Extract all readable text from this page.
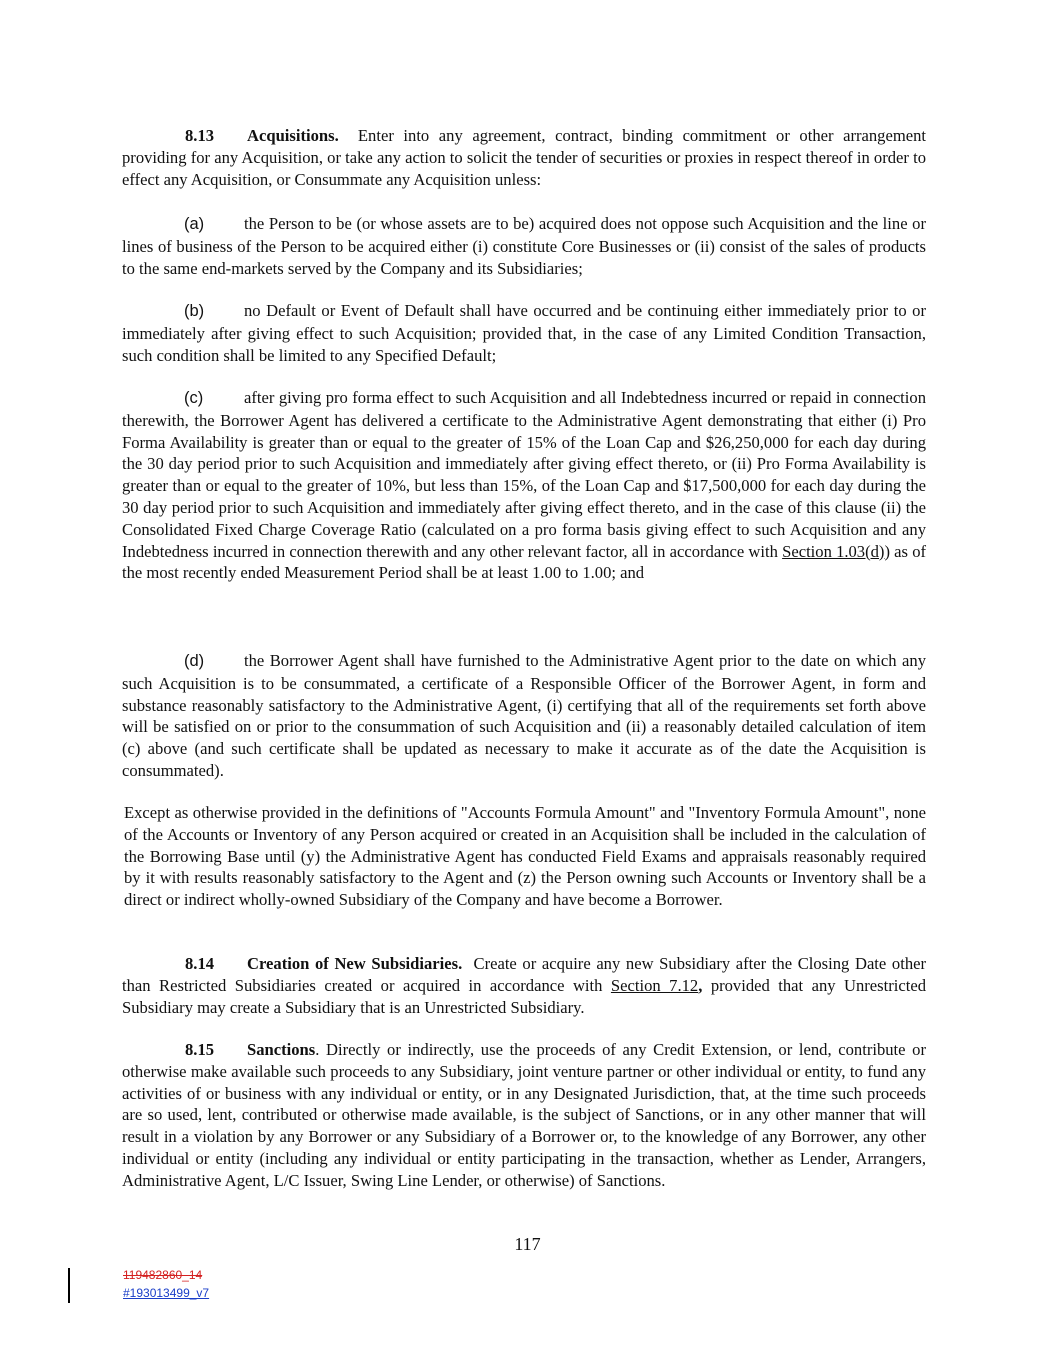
8.13 Acquisitions. Enter into any agreement, contract, binding commitment or other arrangement providing for any Acquisition, or take any action to solicit the tender of securities or proxies in respect thereof in order to effect any Acquisition, or Consummate any Acquisition unless:

(a) the Person to be (or whose assets are to be) acquired does not oppose such Acquisition and the line or lines of business of the Person to be acquired either (i) constitute Core Businesses or (ii) consist of the sales of products to the same end-markets served by the Company and its Subsidiaries;

(b) no Default or Event of Default shall have occurred and be continuing either immediately prior to or immediately after giving effect to such Acquisition; provided that, in the case of any Limited Condition Transaction, such condition shall be limited to any Specified Default;

(c) after giving pro forma effect to such Acquisition and all Indebtedness incurred or repaid in connection therewith, the Borrower Agent has delivered a certificate to the Administrative Agent demonstrating that either (i) Pro Forma Availability is greater than or equal to the greater of 15% of the Loan Cap and $26,250,000 for each day during the 30 day period prior to such Acquisition and immediately after giving effect thereto, or (ii) Pro Forma Availability is greater than or equal to the greater of 10%, but less than 15%, of the Loan Cap and $17,500,000 for each day during the 30 day period prior to such Acquisition and immediately after giving effect thereto, and in the case of this clause (ii) the Consolidated Fixed Charge Coverage Ratio (calculated on a pro forma basis giving effect to such Acquisition and any Indebtedness incurred in connection therewith and any other relevant factor, all in accordance with Section 1.03(d)) as of the most recently ended Measurement Period shall be at least 1.00 to 1.00; and

(d) the Borrower Agent shall have furnished to the Administrative Agent prior to the date on which any such Acquisition is to be consummated, a certificate of a Responsible Officer of the Borrower Agent, in form and substance reasonably satisfactory to the Administrative Agent, (i) certifying that all of the requirements set forth above will be satisfied on or prior to the consummation of such Acquisition and (ii) a reasonably detailed calculation of item (c) above (and such certificate shall be updated as necessary to make it accurate as of the date the Acquisition is consummated).

Except as otherwise provided in the definitions of "Accounts Formula Amount" and "Inventory Formula Amount", none of the Accounts or Inventory of any Person acquired or created in an Acquisition shall be included in the calculation of the Borrowing Base until (y) the Administrative Agent has conducted Field Exams and appraisals reasonably required by it with results reasonably satisfactory to the Agent and (z) the Person owning such Accounts or Inventory shall be a direct or indirect wholly-owned Subsidiary of the Company and have become a Borrower.

8.14 Creation of New Subsidiaries. Create or acquire any new Subsidiary after the Closing Date other than Restricted Subsidiaries created or acquired in accordance with Section 7.12, provided that any Unrestricted Subsidiary may create a Subsidiary that is an Unrestricted Subsidiary.

8.15 Sanctions. Directly or indirectly, use the proceeds of any Credit Extension, or lend, contribute or otherwise make available such proceeds to any Subsidiary, joint venture partner or other individual or entity, to fund any activities of or business with any individual or entity, or in any Designated Jurisdiction, that, at the time such proceeds are so used, lent, contributed or otherwise made available, is the subject of Sanctions, or in any other manner that will result in a violation by any Borrower or any Subsidiary of a Borrower or, to the knowledge of any Borrower, any other individual or entity (including any individual or entity participating in the transaction, whether as Lender, Arrangers, Administrative Agent, L/C Issuer, Swing Line Lender, or otherwise) of Sanctions.

117
119482860_14
#193013499_v7
